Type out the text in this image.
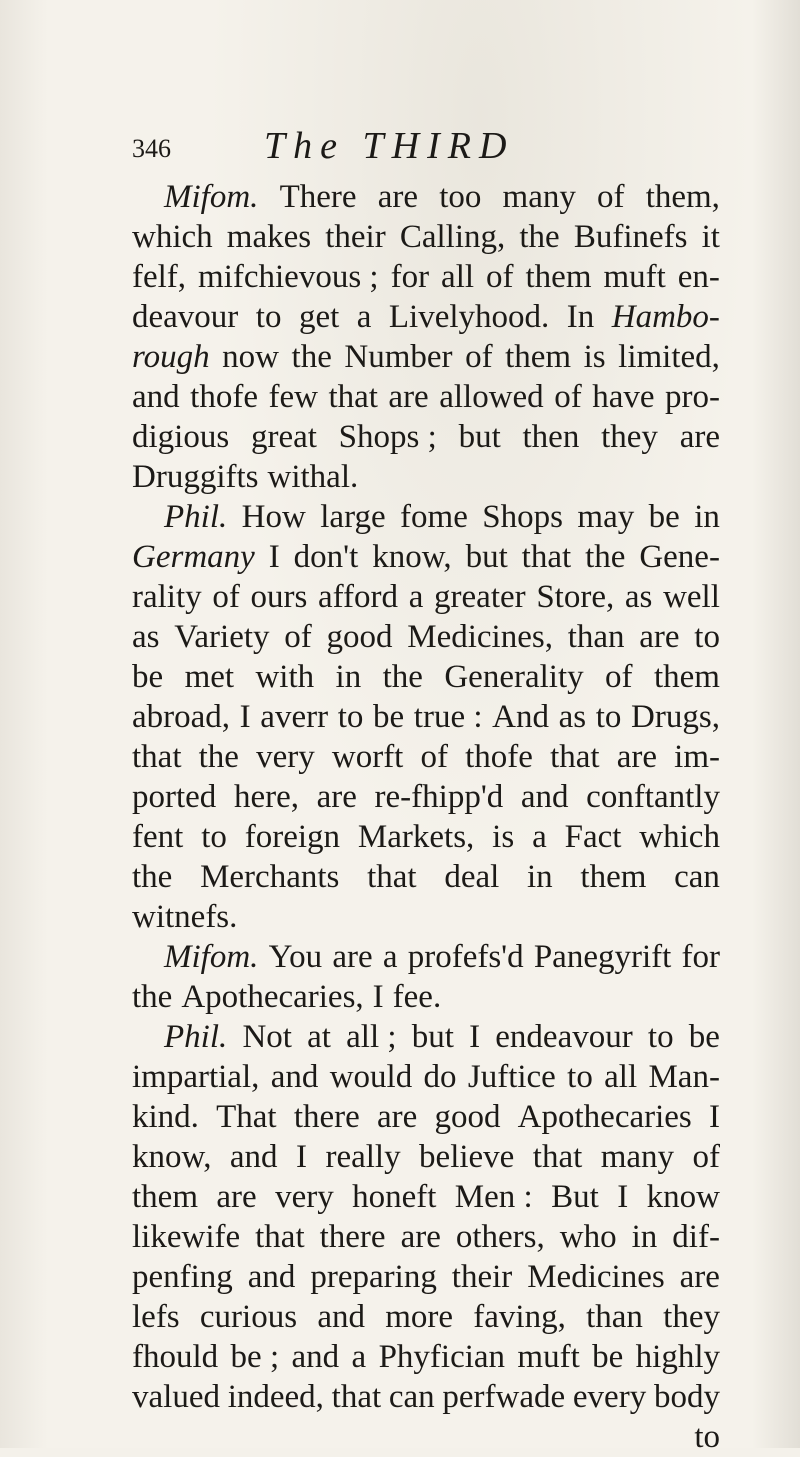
346 The THIRD
Mifom. There are too many of them,
which makes their Calling, the Bufinefs it
felf, mifchievous ; for all of them muft en-
deavour to get a Livelyhood. In Hambo-
rough now the Number of them is limited,
and thofe few that are allowed of have pro-
digious great Shops ; but then they are
Druggifts withal.
Phil. How large fome Shops may be in
Germany I don't know, but that the Gene-
rality of ours afford a greater Store, as well
as Variety of good Medicines, than are to
be met with in the Generality of them
abroad, I averr to be true : And as to Drugs,
that the very worft of thofe that are im-
ported here, are re-fhipp'd and conftantly
fent to foreign Markets, is a Fact which
the Merchants that deal in them can
witnefs.
Mifom. You are a profefs'd Panegyrift for
the Apothecaries, I fee.
Phil. Not at all ; but I endeavour to be
impartial, and would do Juftice to all Man-
kind. That there are good Apothecaries I
know, and I really believe that many of
them are very honeft Men : But I know
likewife that there are others, who in dif-
penfing and preparing their Medicines are
lefs curious and more faving, than they
fhould be ; and a Phyfician muft be highly
valued indeed, that can perfwade every body
to
